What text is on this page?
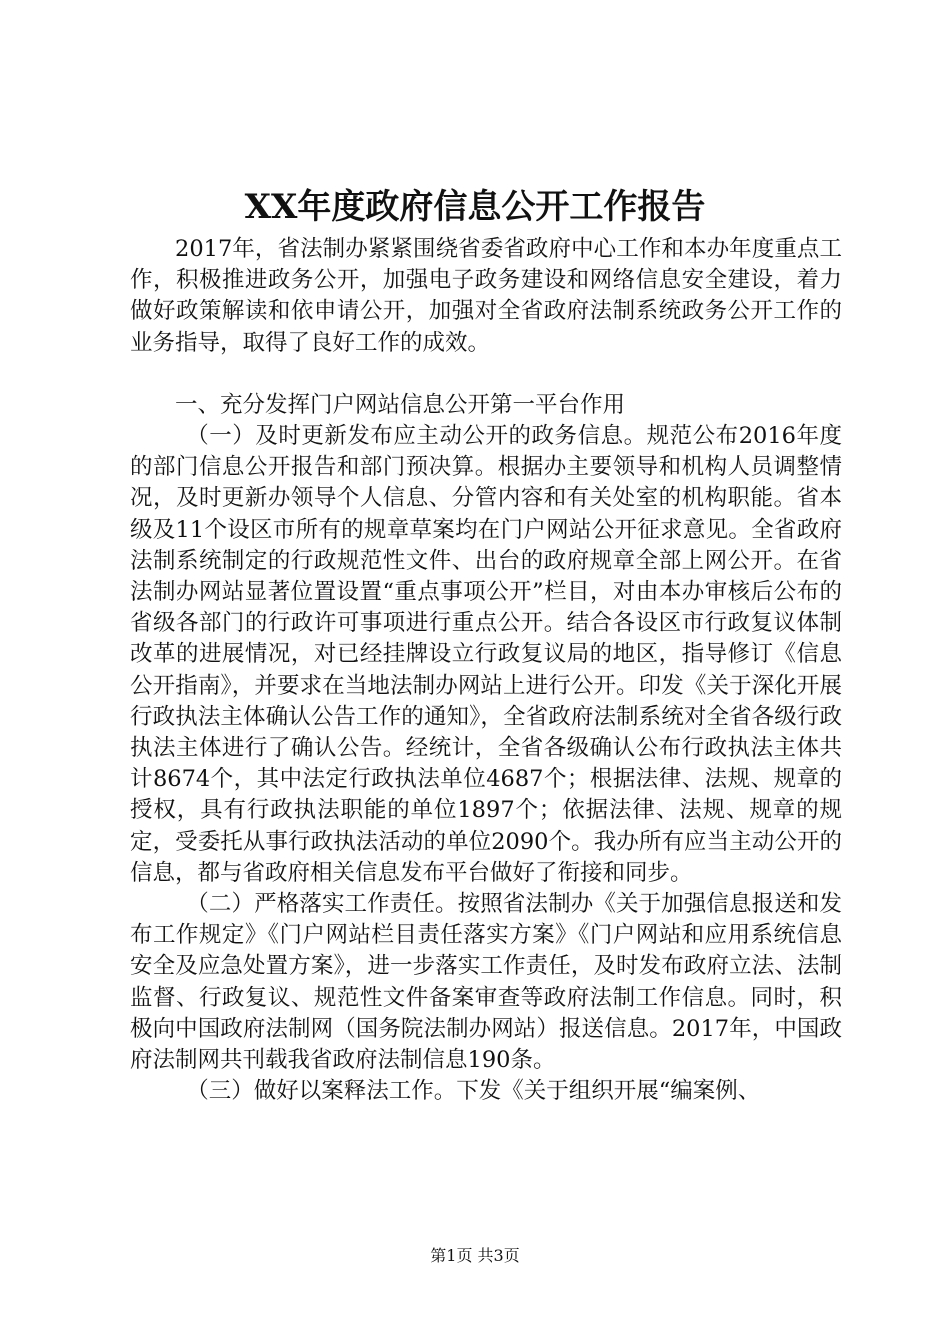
XX年度政府信息公开工作报告

2017年，省法制办紧紧围绕省委省政府中心工作和本办年度重点工作，积极推进政务公开，加强电子政务建设和网络信息安全建设，着力做好政策解读和依申请公开，加强对全省政府法制系统政务公开工作的业务指导，取得了良好工作的成效。

一、充分发挥门户网站信息公开第一平台作用

（一）及时更新发布应主动公开的政务信息。规范公布2016年度的部门信息公开报告和部门预决算。根据办主要领导和机构人员调整情况，及时更新办领导个人信息、分管内容和有关处室的机构职能。省本级及11个设区市所有的规章草案均在门户网站公开征求意见。全省政府法制系统制定的行政规范性文件、出台的政府规章全部上网公开。在省法制办网站显著位置设置“重点事项公开”栏目，对由本办审核后公布的省级各部门的行政许可事项进行重点公开。结合各设区市行政复议体制改革的进展情况，对已经挂牌设立行政复议局的地区，指导修订《信息公开指南》，并要求在当地法制办网站上进行公开。印发《关于深化开展行政执法主体确认公告工作的通知》，全省政府法制系统对全省各级行政执法主体进行了确认公告。经统计，全省各级确认公布行政执法主体共计8674个，其中法定行政执法单位4687个；根据法律、法规、规章的授权，具有行政执法职能的单位1897个；依据法律、法规、规章的规定，受委托从事行政执法活动的单位2090个。我办所有应当主动公开的信息，都与省政府相关信息发布平台做好了衔接和同步。

（二）严格落实工作责任。按照省法制办《关于加强信息报送和发布工作规定》《门户网站栏目责任落实方案》《门户网站和应用系统信息安全及应急处置方案》，进一步落实工作责任，及时发布政府立法、法制监督、行政复议、规范性文件备案审查等政府法制工作信息。同时，积极向中国政府法制网（国务院法制办网站）报送信息。2017年，中国政府法制网共刊载我省政府法制信息190条。

（三）做好以案释法工作。下发《关于组织开展“编案例、

第1页 共3页
